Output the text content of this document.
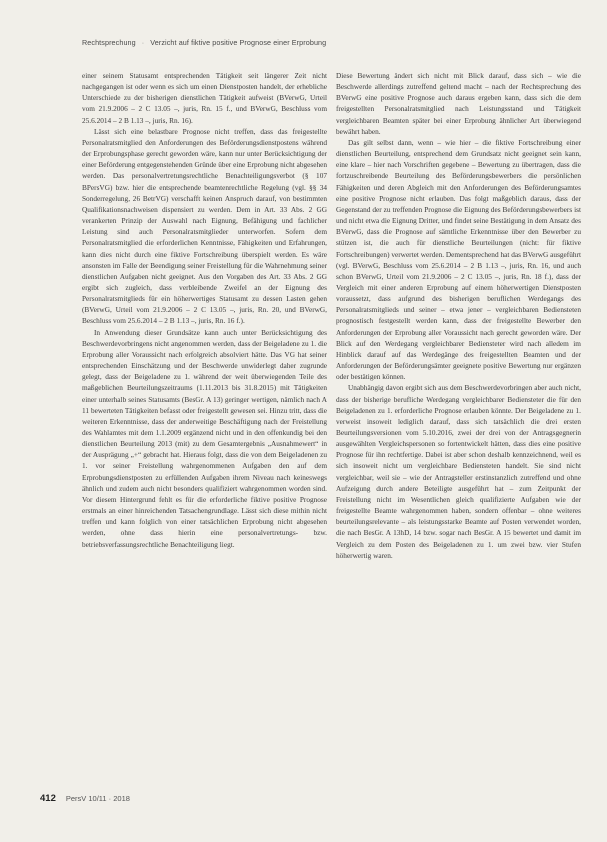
Rechtsprechung · Verzicht auf fiktive positive Prognose einer Erprobung

einer seinem Statusamt entsprechenden Tätigkeit seit längerer Zeit nicht nachgegangen ist oder wenn es sich um einen Dienstposten handelt, der erhebliche Unterschiede zu der bisherigen dienstlichen Tätigkeit aufweist (BVerwG, Urteil vom 21.9.2006 – 2 C 13.05 –, juris, Rn. 15 f., und BVerwG, Beschluss vom 25.6.2014 – 2 B 1.13 –, juris, Rn. 16).

Lässt sich eine belastbare Prognose nicht treffen, dass das freigestellte Personalratsmitglied den Anforderungen des Beförderungsdienstpostens während der Erprobungsphase gerecht geworden wäre, kann nur unter Berücksichtigung der einer Beförderung entgegenstehenden Gründe über eine Erprobung nicht abgesehen werden. Das personalvertretungsrechtliche Benachteiligungsverbot (§ 107 BPersVG) bzw. hier die entsprechende beamtenrechtliche Regelung (vgl. §§ 34 Sonderregelung, 26 BetrVG) verschafft keinen Anspruch darauf, von bestimmten Qualifikationsnachweisen dispensiert zu werden. Dem in Art. 33 Abs. 2 GG verankerten Prinzip der Auswahl nach Eignung, Befähigung und fachlicher Leistung sind auch Personalratsmitglieder unterworfen. Sofern dem Personalratsmitglied die erforderlichen Kenntnisse, Fähigkeiten und Erfahrungen, kann dies nicht durch eine fiktive Fortschreibung überspielt werden. Es wäre ansonsten im Falle der Beendigung seiner Freistellung für die Wahrnehmung seiner dienstlichen Aufgaben nicht geeignet. Aus den Vorgaben des Art. 33 Abs. 2 GG ergibt sich zugleich, dass verbleibende Zweifel an der Eignung des Personalratsmitglieds für ein höherwertiges Statusamt zu dessen Lasten gehen (BVerwG, Urteil vom 21.9.2006 – 2 C 13.05 –, juris, Rn. 20, und BVerwG, Beschluss vom 25.6.2014 – 2 B 1.13 –, juris, Rn. 16 f.).

In Anwendung dieser Grundsätze kann auch unter Berücksichtigung des Beschwerdevorbringens nicht angenommen werden, dass der Beigeladene zu 1. die Erprobung aller Voraussicht nach erfolgreich absolviert hätte. Das VG hat seiner entsprechenden Einschätzung und der Beschwerde unwiderlegt daher zugrunde gelegt, dass der Beigeladene zu 1. während der weit überwiegenden Teile des maßgeblichen Beurteilungszeitraums (1.11.2013 bis 31.8.2015) mit Tätigkeiten einer unterhalb seines Statusamts (BesGr. A 13) geringer wertigen, nämlich nach A 11 bewerteten Tätigkeiten befasst oder freigestellt gewesen sei. Hinzu tritt, dass die weiteren Erkenntnisse, dass der anderweitige Beschäftigung nach der Freistellung des Wahlamtes mit dem 1.1.2009 ergänzend nicht und in den offenkundig bei den dienstlichen Beurteilung 2013 (mit) zu dem Gesamtergebnis „Ausnahmewert“ in der Ausprägung „+“ gebracht hat. Hieraus folgt, dass die von dem Beigeladenen zu 1. vor seiner Freistellung wahrgenommenen Aufgaben den auf dem Erprobungsdienstposten zu erfüllenden Aufgaben ihrem Niveau nach keineswegs ähnlich und zudem auch nicht besonders qualifiziert wahrgenommen worden sind. Vor diesem Hintergrund fehlt es für die erforderliche fiktive positive Prognose erstmals an einer hinreichenden Tatsachengrundlage. Lässt sich diese mithin nicht treffen und kann folglich von einer tatsächlichen Erprobung nicht abgesehen werden, ohne dass hierin eine personalvertretungs- bzw. betriebsverfassungsrechtliche Benachteiligung liegt.

Diese Bewertung ändert sich nicht mit Blick darauf, dass sich – wie die Beschwerde allerdings zutreffend geltend macht – nach der Rechtsprechung des BVerwG eine positive Prognose auch daraus ergeben kann, dass sich die dem freigestellten Personalratsmitglied nach Leistungsstand und Tätigkeit vergleichbaren Beamten später bei einer Erprobung ähnlicher Art überwiegend bewährt haben.

Das gilt selbst dann, wenn – wie hier – die fiktive Fortschreibung einer dienstlichen Beurteilung, entsprechend dem Grundsatz nicht geeignet sein kann, eine klare – hier nach Vorschriften gegebene – Bewertung zu übertragen, dass die fortzuschreibende Beurteilung des Beförderungsbewerbers die persönlichen Fähigkeiten und deren Abgleich mit den Anforderungen des Beförderungsamtes eine positive Prognose nicht erlauben. Das folgt maßgeblich daraus, dass der Gegenstand der zu treffenden Prognose die Eignung des Beförderungsbewerbers ist und nicht etwa die Eignung Dritter, und findet seine Bestätigung in dem Ansatz des BVerwG, dass die Prognose auf sämtliche Erkenntnisse über den Bewerber zu stützen ist, die auch für dienstliche Beurteilungen (nicht: für fiktive Fortschreibungen) verwertet werden. Dementsprechend hat das BVerwG ausgeführt (vgl. BVerwG, Beschluss vom 25.6.2014 – 2 B 1.13 –, juris, Rn. 16, und auch schon BVerwG, Urteil vom 21.9.2006 – 2 C 13.05 –, juris, Rn. 18 f.), dass der Vergleich mit einer anderen Erprobung auf einem höherwertigen Dienstposten voraussetzt, dass aufgrund des bisherigen beruflichen Werdegangs des Personalratsmitglieds und seiner – etwa jener – vergleichbaren Bediensteten prognostisch festgestellt werden kann, dass der freigestellte Bewerber den Anforderungen der Erprobung aller Voraussicht nach gerecht geworden wäre. Der Blick auf den Werdegang vergleichbarer Bediensteter wird nach alledem im Hinblick darauf auf das Werdegänge des freigestellten Beamten und der Anforderungen der Beförderungsämter geeignete positive Bewertung nur ergänzen oder bestätigen können.

Unabhängig davon ergibt sich aus dem Beschwerdevorbringen aber auch nicht, dass der bisherige berufliche Werdegang vergleichbarer Bediensteter die für den Beigeladenen zu 1. erforderliche Prognose erlauben könnte. Der Beigeladene zu 1. verweist insoweit lediglich darauf, dass sich tatsächlich die drei ersten Beurteilungsversionen vom 5.10.2016, zwei der drei von der Antragsgegnerin ausgewählten Vergleichspersonen so fortentwickelt hätten, dass dies eine positive Prognose für ihn rechtfertige. Dabei ist aber schon deshalb kennzeichnend, weil es sich insoweit nicht um vergleichbare Bediensteten handelt. Sie sind nicht vergleichbar, weil sie – wie der Antragsteller erstinstanzlich zutreffend und ohne Aufzeigung durch andere Beteiligte ausgeführt hat – zum Zeitpunkt der Freistellung nicht im Wesentlichen gleich qualifizierte Aufgaben wie der freigestellte Beamte wahrgenommen haben, sondern offenbar – ohne weiteres beurteilungsrelevante – als leistungsstarke Beamte auf Posten verwendet worden, die nach BesGr. A 13hD, 14 bzw. sogar nach BesGr. A 15 bewertet und damit im Vergleich zu dem Posten des Beigeladenen zu 1. um zwei bzw. vier Stufen höherwertig waren.

412 PersV 10/11 · 2018
